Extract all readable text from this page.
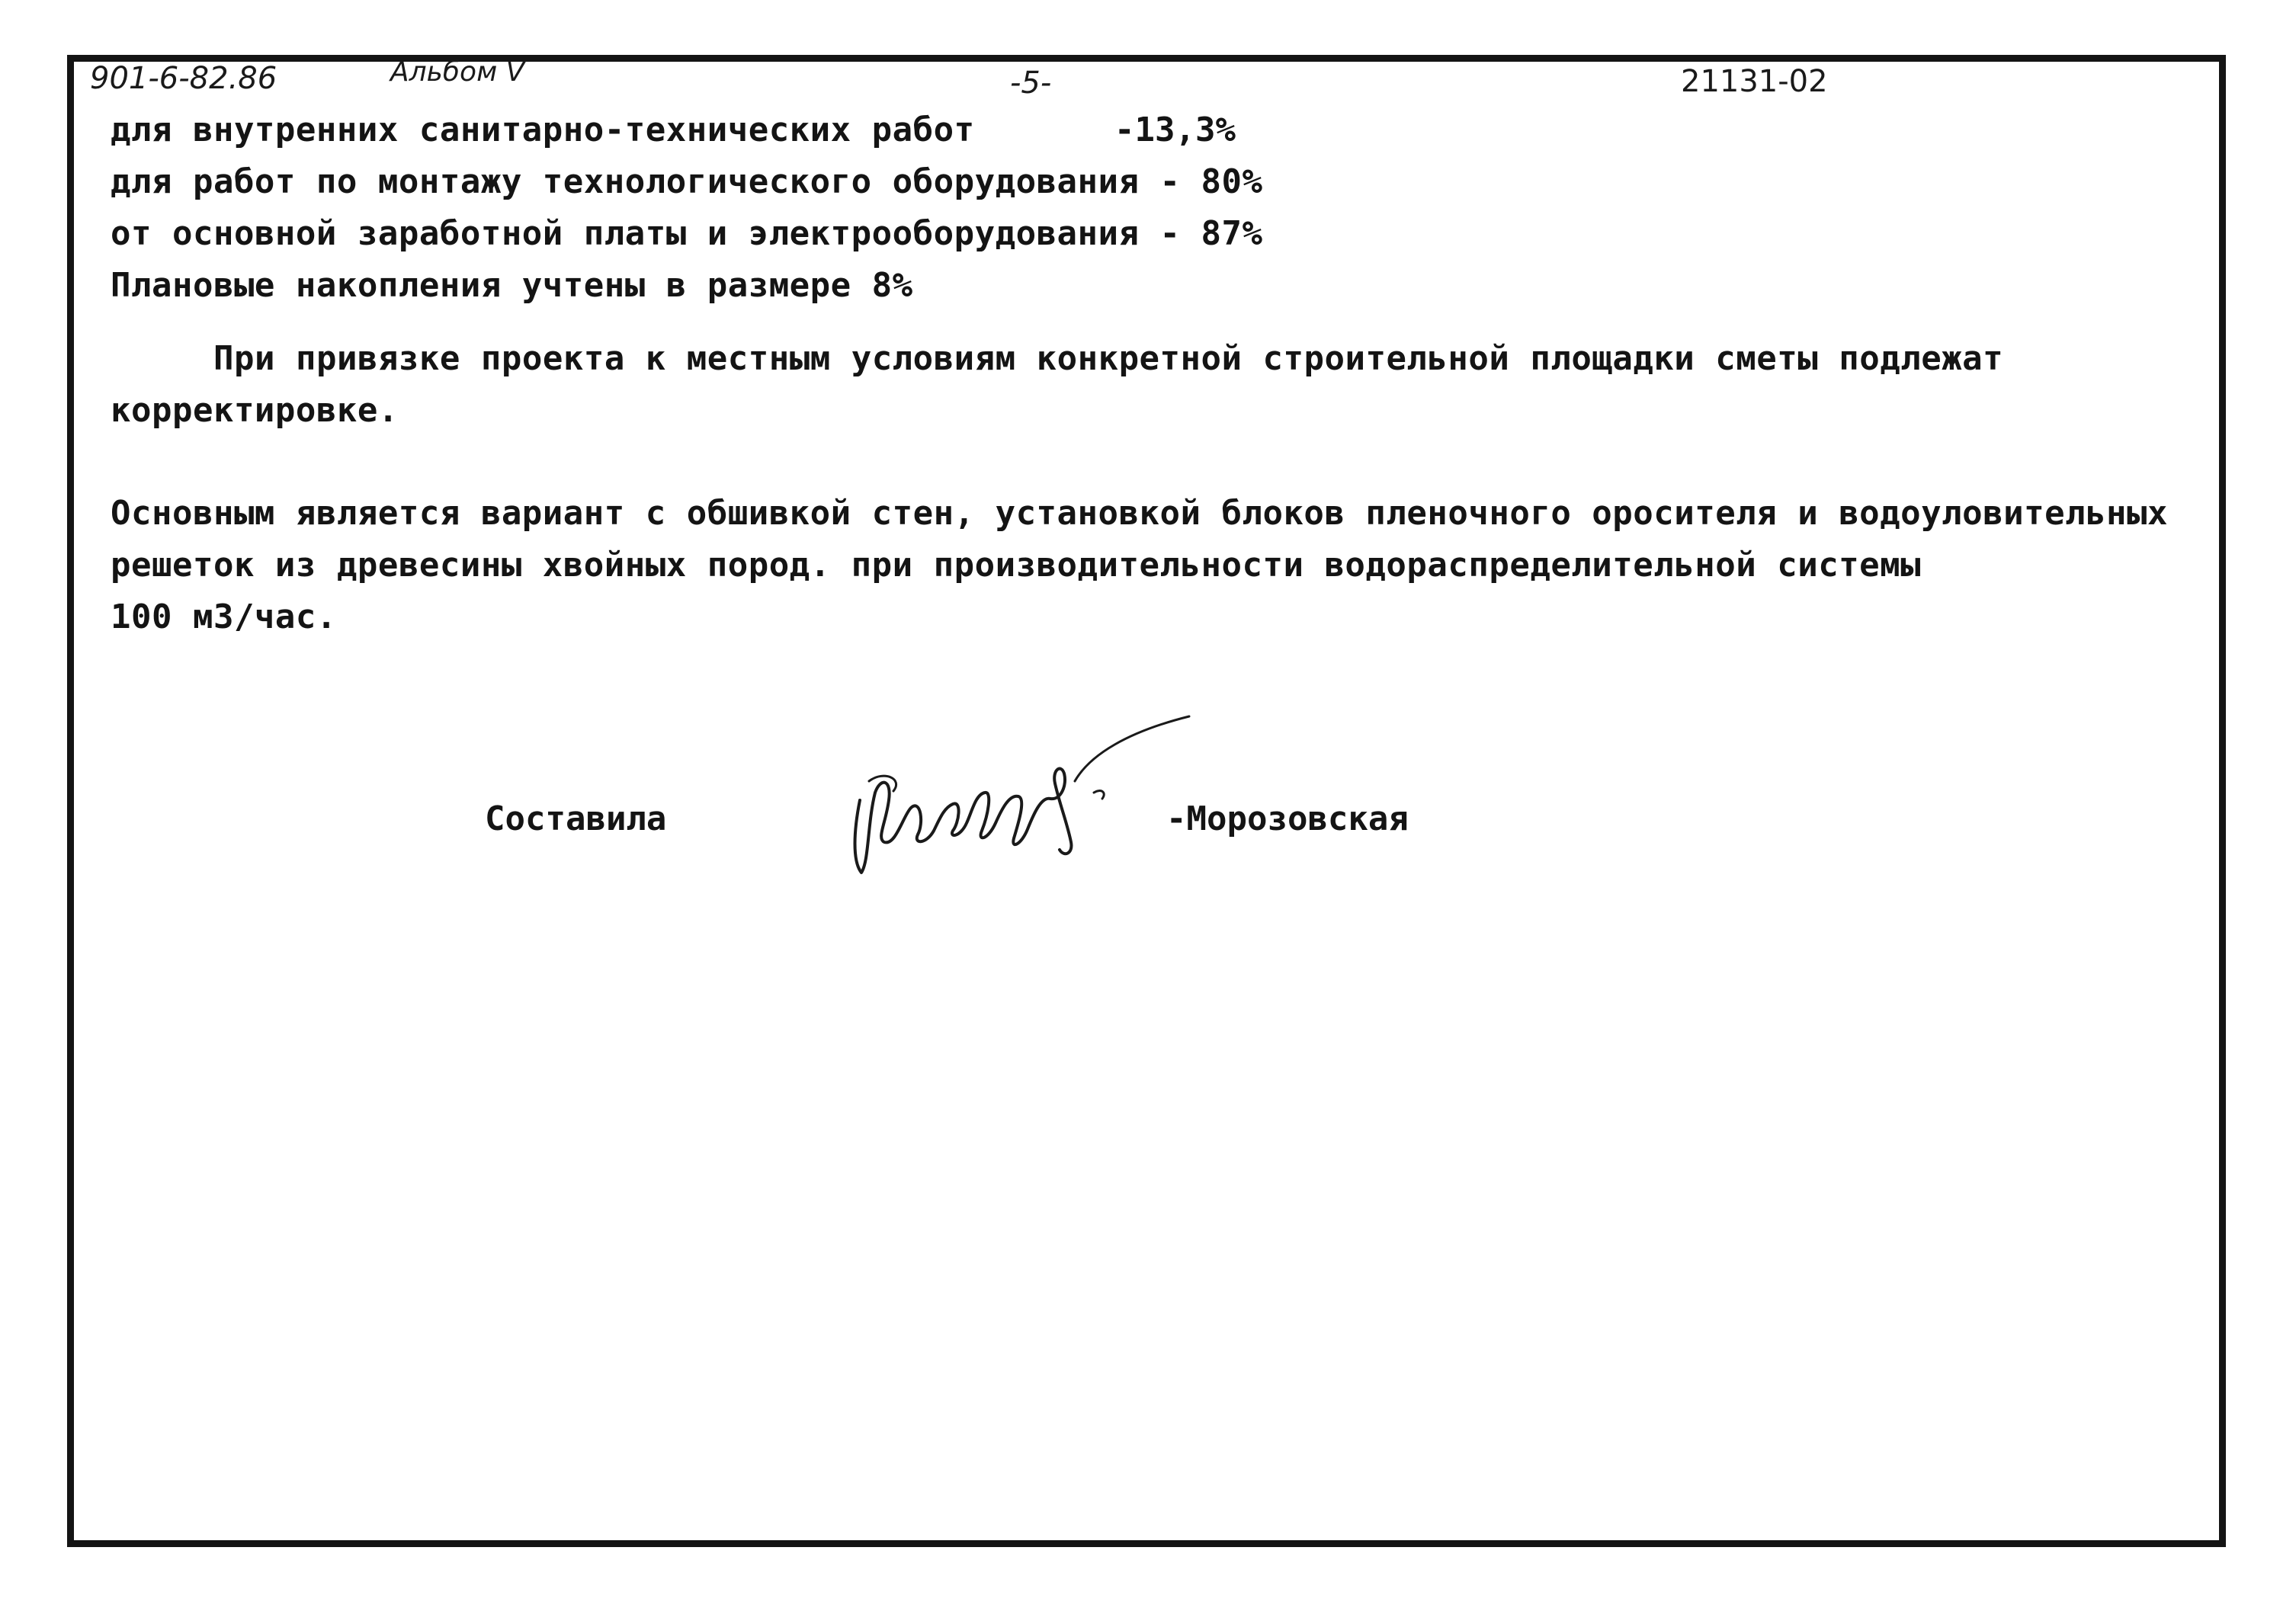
901-6-82.86	Альбом V	-5-	21131-02
для внутренних санитарно-технических работ	-13,3%
для работ по монтажу технологического оборудования - 80%
от основной заработной платы и электрооборудования - 87%
Плановые накопления учтены в размере 8%
При привязке проекта к местным условиям конкретной строительной площадки сметы подлежат
корректировке.
Основным является вариант с обшивкой стен, установкой блоков пленочного оросителя и водоуловительных
решеток из древесины хвойных пород. при производительности водораспределительной системы
100 м3/час.
Составила	-Морозовская
